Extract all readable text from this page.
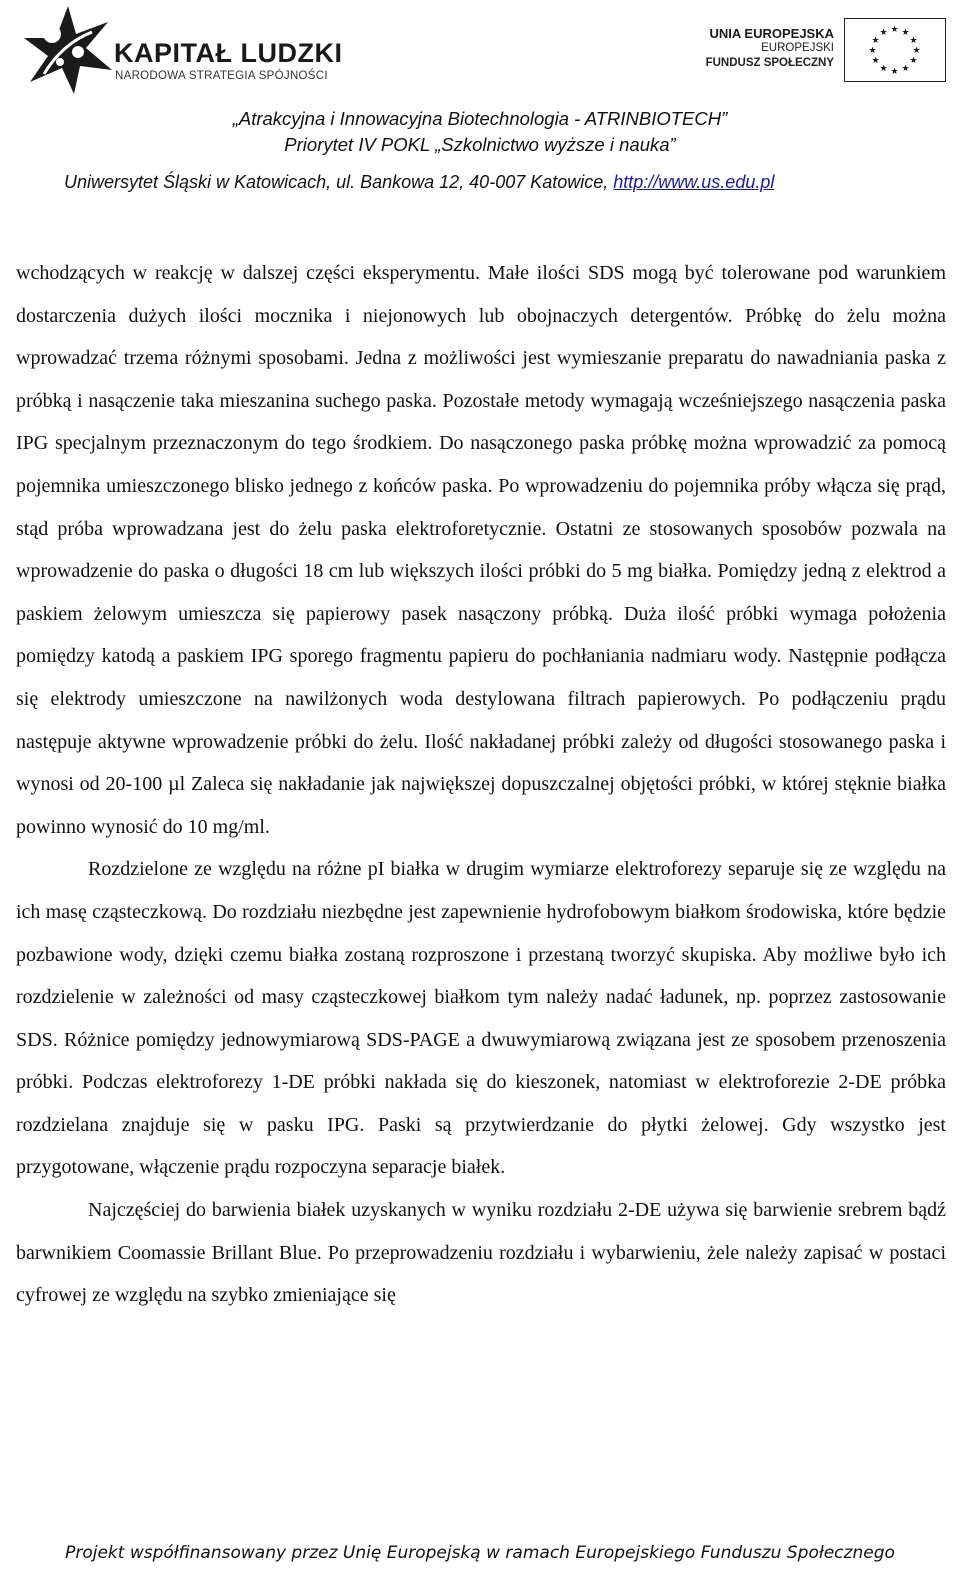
KAPITAŁ LUDZKI
NARODOWA STRATEGIA SPÓJNOŚCI
UNIA EUROPEJSKA
EUROPEJSKI
FUNDUSZ SPOŁECZNY
★ ★
★
★
★
★
★
★
★
★
★
★
„Atrakcyjna i Innowacyjna Biotechnologia - ATRINBIOTECH”
Priorytet IV POKL „Szkolnictwo wyższe i nauka”
Uniwersytet Śląski w Katowicach, ul. Bankowa 12, 40-007 Katowice, http://www.us.edu.pl

wchodzących w reakcję w dalszej części eksperymentu. Małe ilości SDS mogą być tolerowane pod warunkiem dostarczenia dużych ilości mocznika i niejonowych lub obojnaczych detergentów. Próbkę do żelu można wprowadzać trzema różnymi sposobami. Jedna z możliwości jest wymieszanie preparatu do nawadniania paska z próbką i nasączenie taka mieszanina suchego paska. Pozostałe metody wymagają wcześniejszego nasączenia paska IPG specjalnym przeznaczonym do tego środkiem. Do nasączonego paska próbkę można wprowadzić za pomocą pojemnika umieszczonego blisko jednego z końców paska. Po wprowadzeniu do pojemnika próby włącza się prąd, stąd próba wprowadzana jest do żelu paska elektroforetycznie. Ostatni ze stosowanych sposobów pozwala na wprowadzenie do paska o długości 18 cm lub większych ilości próbki do 5 mg białka. Pomiędzy jedną z elektrod a paskiem żelowym umieszcza się papierowy pasek nasączony próbką. Duża ilość próbki wymaga położenia pomiędzy katodą a paskiem IPG sporego fragmentu papieru do pochłaniania nadmiaru wody. Następnie podłącza się elektrody umieszczone na nawilżonych woda destylowana filtrach papierowych. Po podłączeniu prądu następuje aktywne wprowadzenie próbki do żelu. Ilość nakładanej próbki zależy od długości stosowanego paska i wynosi od 20-100 µl Zaleca się nakładanie jak największej dopuszczalnej objętości próbki, w której stęknie białka powinno wynosić do 10 mg/ml.

Rozdzielone ze względu na różne pI białka w drugim wymiarze elektroforezy separuje się ze względu na ich masę cząsteczkową. Do rozdziału niezbędne jest zapewnienie hydrofobowym białkom środowiska, które będzie pozbawione wody, dzięki czemu białka zostaną rozproszone i przestaną tworzyć skupiska. Aby możliwe było ich rozdzielenie w zależności od masy cząsteczkowej białkom tym należy nadać ładunek, np. poprzez zastosowanie SDS. Różnice pomiędzy jednowymiarową SDS-PAGE a dwuwymiarową związana jest ze sposobem przenoszenia próbki. Podczas elektroforezy 1-DE próbki nakłada się do kieszonek, natomiast w elektroforezie 2-DE próbka rozdzielana znajduje się w pasku IPG. Paski są przytwierdzanie do płytki żelowej. Gdy wszystko jest przygotowane, włączenie prądu rozpoczyna separacje białek.

Najczęściej do barwienia białek uzyskanych w wyniku rozdziału 2-DE używa się barwienie srebrem bądź barwnikiem Coomassie Brillant Blue. Po przeprowadzeniu rozdziału i wybarwieniu, żele należy zapisać w postaci cyfrowej ze względu na szybko zmieniające się

Projekt współfinansowany przez Unię Europejską w ramach Europejskiego Funduszu Społecznego
